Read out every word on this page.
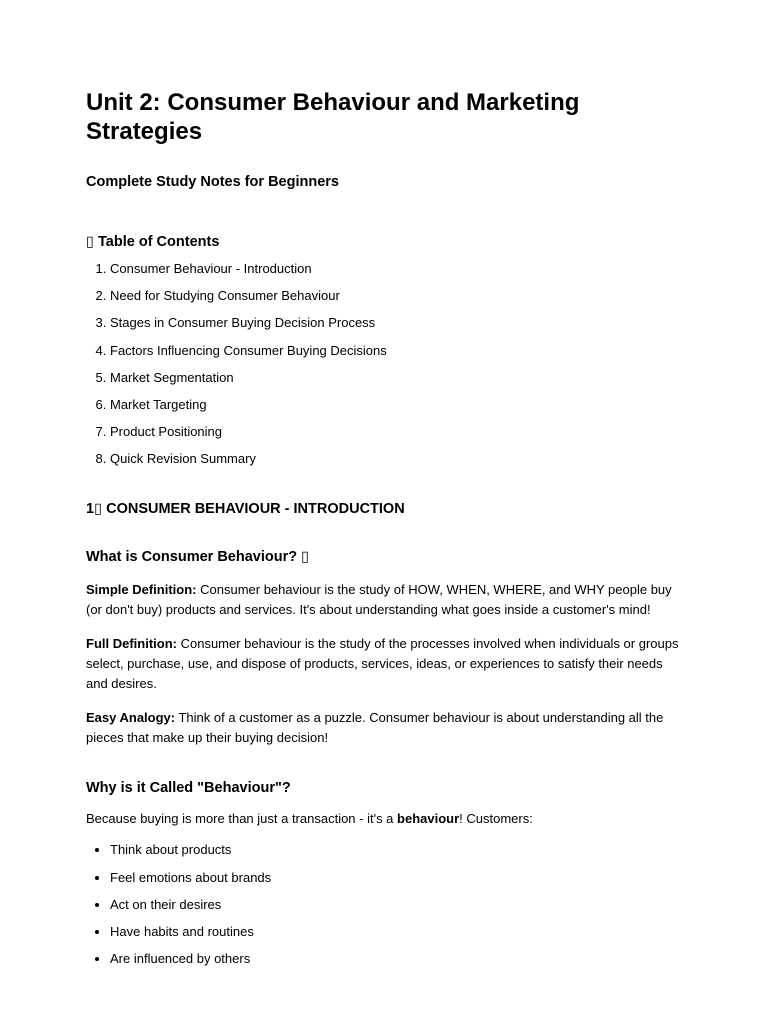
Unit 2: Consumer Behaviour and Marketing Strategies
Complete Study Notes for Beginners
▯ Table of Contents
1. Consumer Behaviour - Introduction
2. Need for Studying Consumer Behaviour
3. Stages in Consumer Buying Decision Process
4. Factors Influencing Consumer Buying Decisions
5. Market Segmentation
6. Market Targeting
7. Product Positioning
8. Quick Revision Summary
1▯ CONSUMER BEHAVIOUR - INTRODUCTION
What is Consumer Behaviour? ▯

Simple Definition: Consumer behaviour is the study of HOW, WHEN, WHERE, and WHY people buy (or don't buy) products and services. It's about understanding what goes inside a customer's mind!

Full Definition: Consumer behaviour is the study of the processes involved when individuals or groups select, purchase, use, and dispose of products, services, ideas, or experiences to satisfy their needs and desires.

Easy Analogy: Think of a customer as a puzzle. Consumer behaviour is about understanding all the pieces that make up their buying decision!

Why is it Called "Behaviour"?

Because buying is more than just a transaction - it's a behaviour! Customers:

• Think about products
• Feel emotions about brands
• Act on their desires
• Have habits and routines
• Are influenced by others
